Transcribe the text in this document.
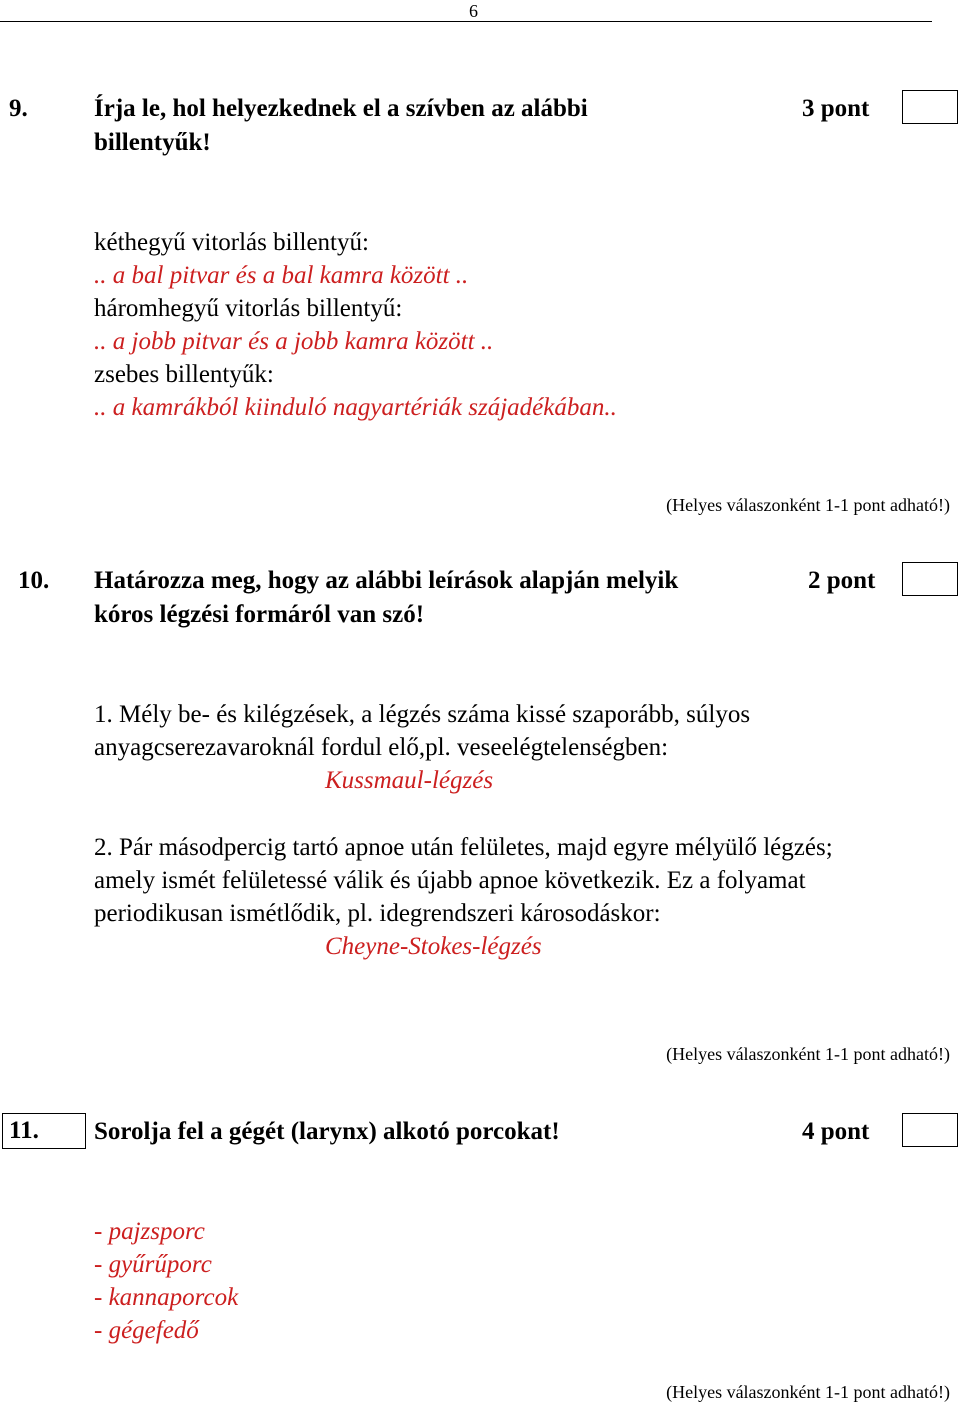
6
9.	Írja le, hol helyezkednek el a szívben az alábbi	3 pont
billentyűk!
kéthegyű vitorlás billentyű:
.. a bal pitvar és a bal kamra között ..
háromhegyű vitorlás billentyű:
.. a jobb pitvar és a jobb kamra között ..
zsebes billentyűk:
.. a kamrákból kiinduló nagyartériák szájadékában..
(Helyes válaszonként 1-1 pont adható!)
10. Határozza meg, hogy az alábbi leírások alapján melyik	2 pont
kóros légzési formáról van szó!
1. Mély be- és kilégzések, a légzés száma kissé szaporább, súlyos
anyagcserezavaroknál fordul elő,pl. veseelégtelenségben:
Kussmaul-légzés
2. Pár másodpercig tartó apnoe után felületes, majd egyre mélyülő légzés;
amely ismét felületessé válik és újabb apnoe következik. Ez a folyamat
periodikusan ismétlődik, pl. idegrendszeri károsodáskor:
Cheyne-Stokes-légzés
(Helyes válaszonként 1-1 pont adható!)
11.	Sorolja fel a gégét (larynx) alkotó porcokat!	4 pont
- pajzsporc
- gyűrűporc
- kannaporcok
- gégefedő
(Helyes válaszonként 1-1 pont adható!)
